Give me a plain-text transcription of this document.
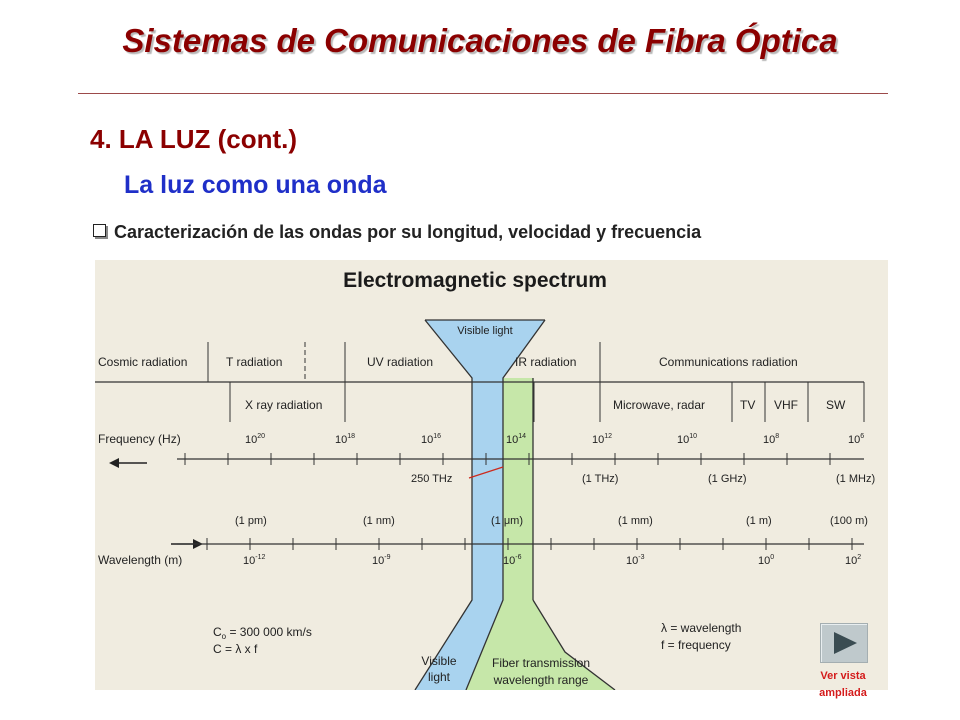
Sistemas de Comunicaciones de Fibra Óptica
4. LA LUZ (cont.)
La luz como una onda
Caracterización de las ondas por su longitud, velocidad y frecuencia
Electromagnetic spectrum
Visible light
Cosmic radiation	T radiation	UV radiation	IR radiation	Communications radiation
X ray radiation	Microwave, radar	TV VHF SW
Frequency (Hz)	$10^{20}$	$10^{18}$	$10^{16}$	$10^{14}$	$10^{12}$	$10^{10}$	$10^8$	$10^6$
250 THz	(1 THz)	(1 GHz)	(1 MHz)
(1 pm)	(1 nm)	(1 μm)	(1 mm)	(1 m)	(100 m)
Wavelength (m)	$10^{-12}$	$10^{-9}$	$10^{-6}$	$10^{-3}$	$10^0$	$10^2$
$C_o = 300$ 000 km/s
C = λ x f
λ = wavelength
f = frequency
Visible
light
Fiber transmission
wavelength range	Ver vista
ampliada
